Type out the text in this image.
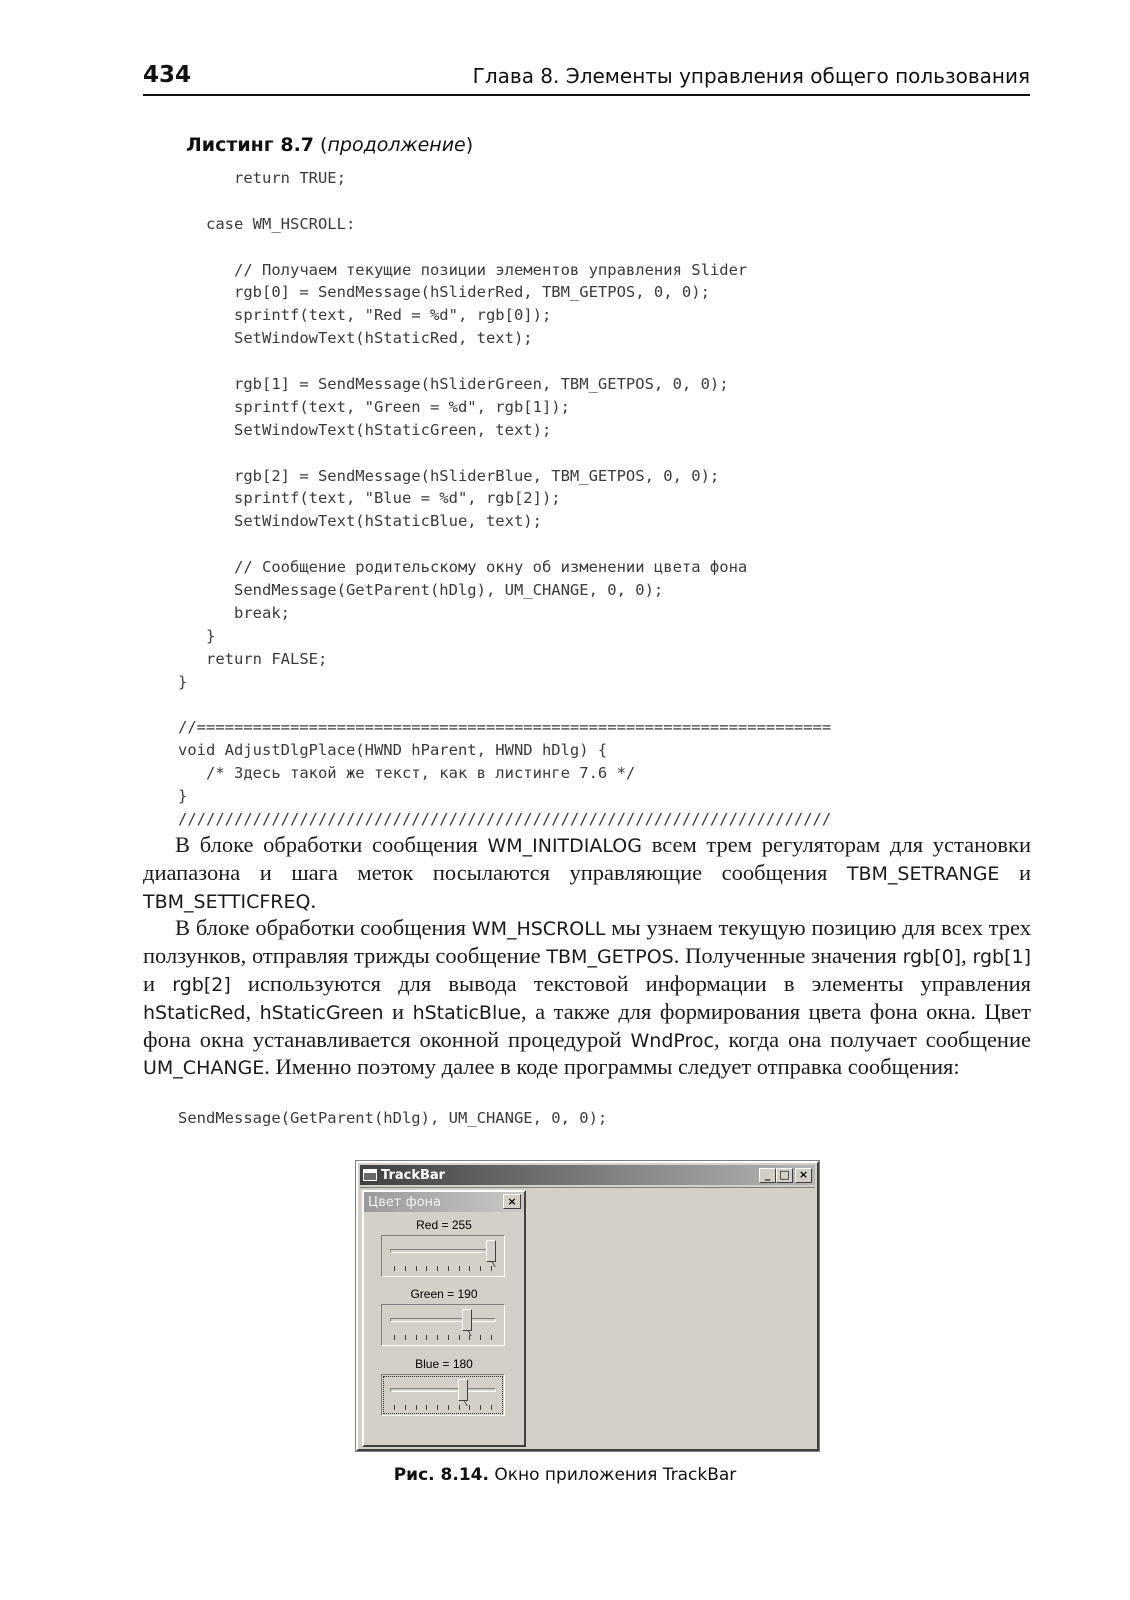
434	Глава 8. Элементы управления общего пользования
Листинг 8.7 (продолжение)
return TRUE;
case WM_HSCROLL:
// Получаем текущие позиции элементов управления Slider
rgb[0] = SendMessage(hSliderRed, TBM_GETPOS, 0, 0);
sprintf(text, "Red = %d", rgb[0]);
SetWindowText(hStaticRed, text);
rgb[1] = SendMessage(hSliderGreen, TBM_GETPOS, 0, 0);
sprintf(text, "Green = %d", rgb[1]);
SetWindowText(hStaticGreen, text);
rgb[2] = SendMessage(hSliderBlue, TBM_GETPOS, 0, 0);
sprintf(text, "Blue = %d", rgb[2]);
SetWindowText(hStaticBlue, text);
// Сообщение родительскому окну об изменении цвета фона
SendMessage(GetParent(hDlg), UM_CHANGE, 0, 0);
break;
}
return FALSE;
}
//====================================================================
void AdjustDlgPlace(HWND hParent, HWND hDlg) {
/* Здесь такой же текст, как в листинге 7.6 */
}
//////////////////////////////////////////////////////////////////////

В блоке обработки сообщения WM_INITDIALOG всем трем регуляторам для установки диапазона и шага меток посылаются управляющие сообщения TBM_SETRANGE и TBM_SETTICFREQ.

В блоке обработки сообщения WM_HSCROLL мы узнаем текущую позицию для всех трех ползунков, отправляя трижды сообщение TBM_GETPOS. Полученные значения rgb[0], rgb[1] и rgb[2] используются для вывода текстовой информации в элементы управления hStaticRed, hStaticGreen и hStaticBlue, а также для формирования цвета фона окна. Цвет фона окна устанавливается оконной процедурой WndProc, когда она получает сообщение UM_CHANGE. Именно поэтому далее в коде программы следует отправка сообщения:

SendMessage(GetParent(hDlg), UM_CHANGE, 0, 0);
TrackBar	_ □ ×
Цвет фона	×
Red = 255
Green = 190
Blue = 180
Рис. 8.14. Окно приложения TrackBar
